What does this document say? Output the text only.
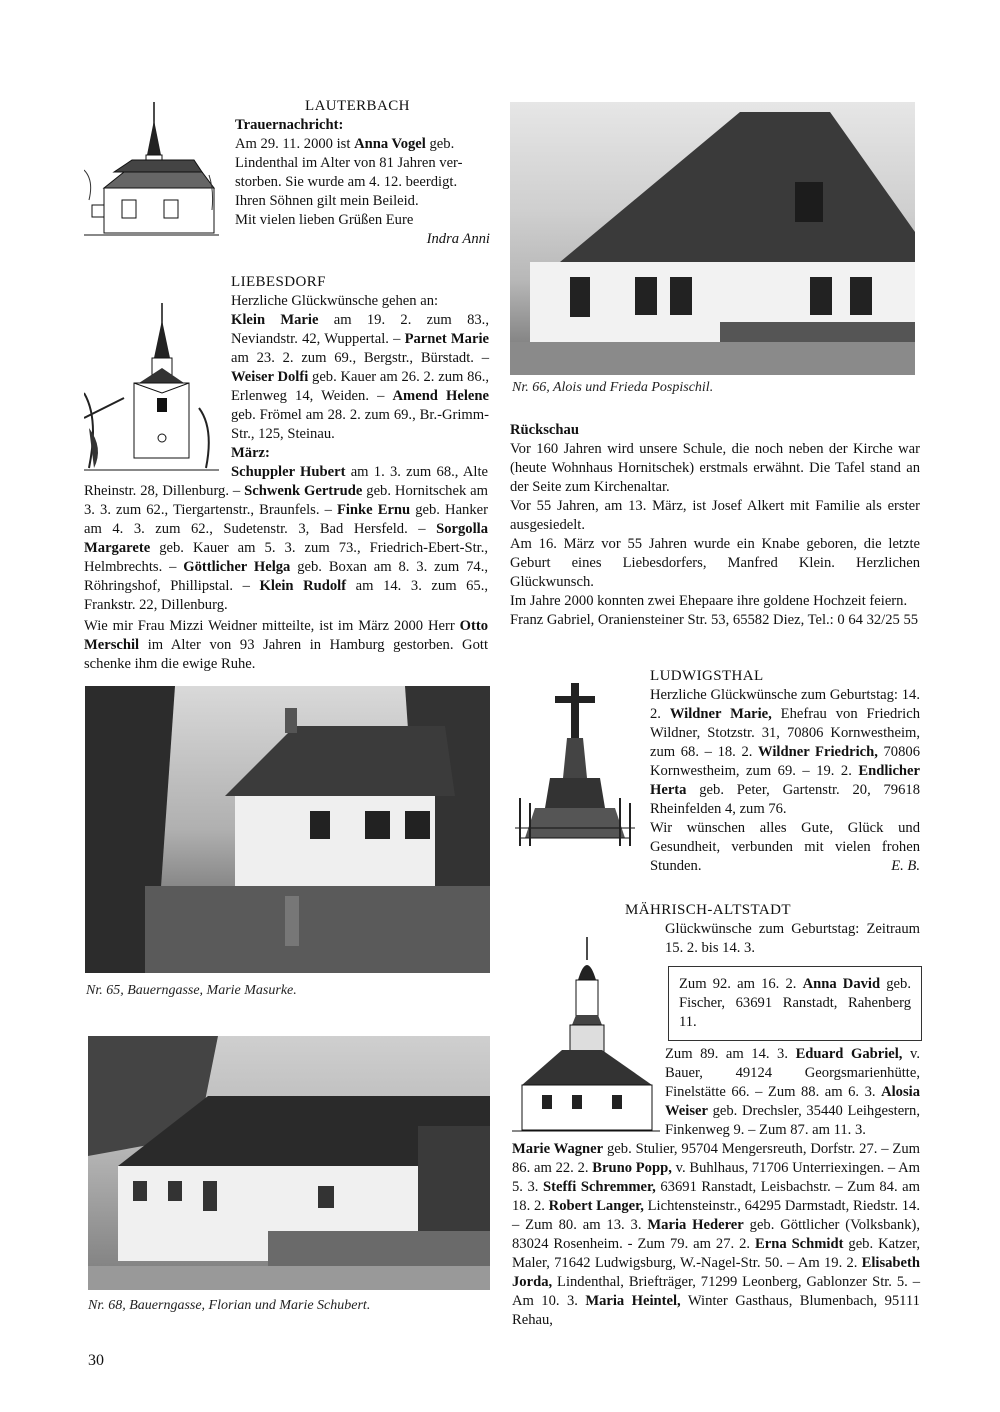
LAUTERBACH
Trauernachricht:
Am 29. 11. 2000 ist Anna Vogel geb.
Lindenthal im Alter von 81 Jahren ver-
storben. Sie wurde am 4. 12. beerdigt.
Ihren Söhnen gilt mein Beileid.
Mit vielen lieben Grüßen Eure
Indra Anni
Nr. 66, Alois und Frieda Pospischil.
LIEBESDORF
Herzliche Glückwünsche gehen an:

Klein Marie am 19. 2. zum 83., Neviandstr. 42, Wuppertal. – Parnet Marie am 23. 2. zum 69., Bergstr., Bürstadt. – Weiser Dolfi geb. Kauer am 26. 2. zum 86., Erlenweg 14, Weiden. – Amend Helene geb. Frömel am 28. 2. zum 69., Br.-Grimm-Str., 125, Steinau.

März:
Schuppler Hubert am 1. 3. zum 68., Alte Rheinstr. 28, Dillenburg. – Schwenk Gertrude geb. Hornitschek am 3. 3. zum 62., Tiergartenstr., Braunfels. – Finke Ernu geb. Hanker am 4. 3. zum 62., Sudetenstr. 3, Bad Hersfeld. – Sorgolla Margarete geb. Kauer am 5. 3. zum 73., Friedrich-Ebert-Str., Helmbrechts. – Göttlicher Helga geb. Boxan am 8. 3. zum 74., Röhringshof, Phillipstal. – Klein Rudolf am 14. 3. zum 65., Frankstr. 22, Dillenburg.
Wie mir Frau Mizzi Weidner mitteilte, ist im März 2000 Herr Otto Merschil im Alter von 93 Jahren in Hamburg gestorben. Gott schenke ihm die ewige Ruhe.
Nr. 65, Bauerngasse, Marie Masurke.
Nr. 68, Bauerngasse, Florian und Marie Schubert.
30
Rückschau

Vor 160 Jahren wird unsere Schule, die noch neben der Kirche war (heute Wohnhaus Hornitschek) erstmals erwähnt. Die Tafel stand an der Seite zum Kirchenaltar.

Vor 55 Jahren, am 13. März, ist Josef Alkert mit Familie als erster ausgesiedelt.

Am 16. März vor 55 Jahren wurde ein Knabe geboren, die letzte Geburt eines Liebesdorfers, Manfred Klein. Herzlichen Glückwunsch.

Im Jahre 2000 konnten zwei Ehepaare ihre goldene Hochzeit feiern.

Franz Gabriel, Oraniensteiner Str. 53, 65582 Diez, Tel.: 0 64 32/25 55

LUDWIGSTHAL

Herzliche Glückwünsche zum Geburtstag: 14. 2. Wildner Marie, Ehefrau von Friedrich Wildner, Stotzstr. 31, 70806 Kornwestheim, zum 68. – 18. 2. Wildner Friedrich, 70806 Kornwestheim, zum 69. – 19. 2. Endlicher Herta geb. Peter, Gartenstr. 20, 79618 Rheinfelden 4, zum 76.

Wir wünschen alles Gute, Glück und Gesundheit, verbunden mit vielen frohen Stunden.	E. B.
MÄHRISCH-ALTSTADT
Glückwünsche zum Geburtstag: Zeitraum 15. 2. bis 14. 3.
Zum 92. am 16. 2. Anna David geb. Fischer, 63691 Ranstadt, Rahenberg 11.
Zum 89. am 14. 3. Eduard Gabriel, v. Bauer, 49124 Georgsmarienhütte, Finelstätte 66. – Zum 88. am 6. 3. Alosia Weiser geb. Drechsler, 35440 Leihgestern, Finkenweg 9. – Zum 87. am 11. 3.
Marie Wagner geb. Stulier, 95704 Mengersreuth, Dorfstr. 27. – Zum 86. am 22. 2. Bruno Popp, v. Buhlhaus, 71706 Unterriexingen. – Am 5. 3. Steffi Schremmer, 63691 Ranstadt, Leisbachstr. – Zum 84. am 18. 2. Robert Langer, Lichtensteinstr., 64295 Darmstadt, Riedstr. 14. – Zum 80. am 13. 3. Maria Hederer geb. Göttlicher (Volksbank), 83024 Rosenheim. - Zum 79. am 27. 2. Erna Schmidt geb. Katzer, Maler, 71642 Ludwigsburg, W.-Nagel-Str. 50. – Am 19. 2. Elisabeth Jorda, Lindenthal, Briefträger, 71299 Leonberg, Gablonzer Str. 5. – Am 10. 3. Maria Heintel, Winter Gasthaus, Blumenbach, 95111 Rehau,
